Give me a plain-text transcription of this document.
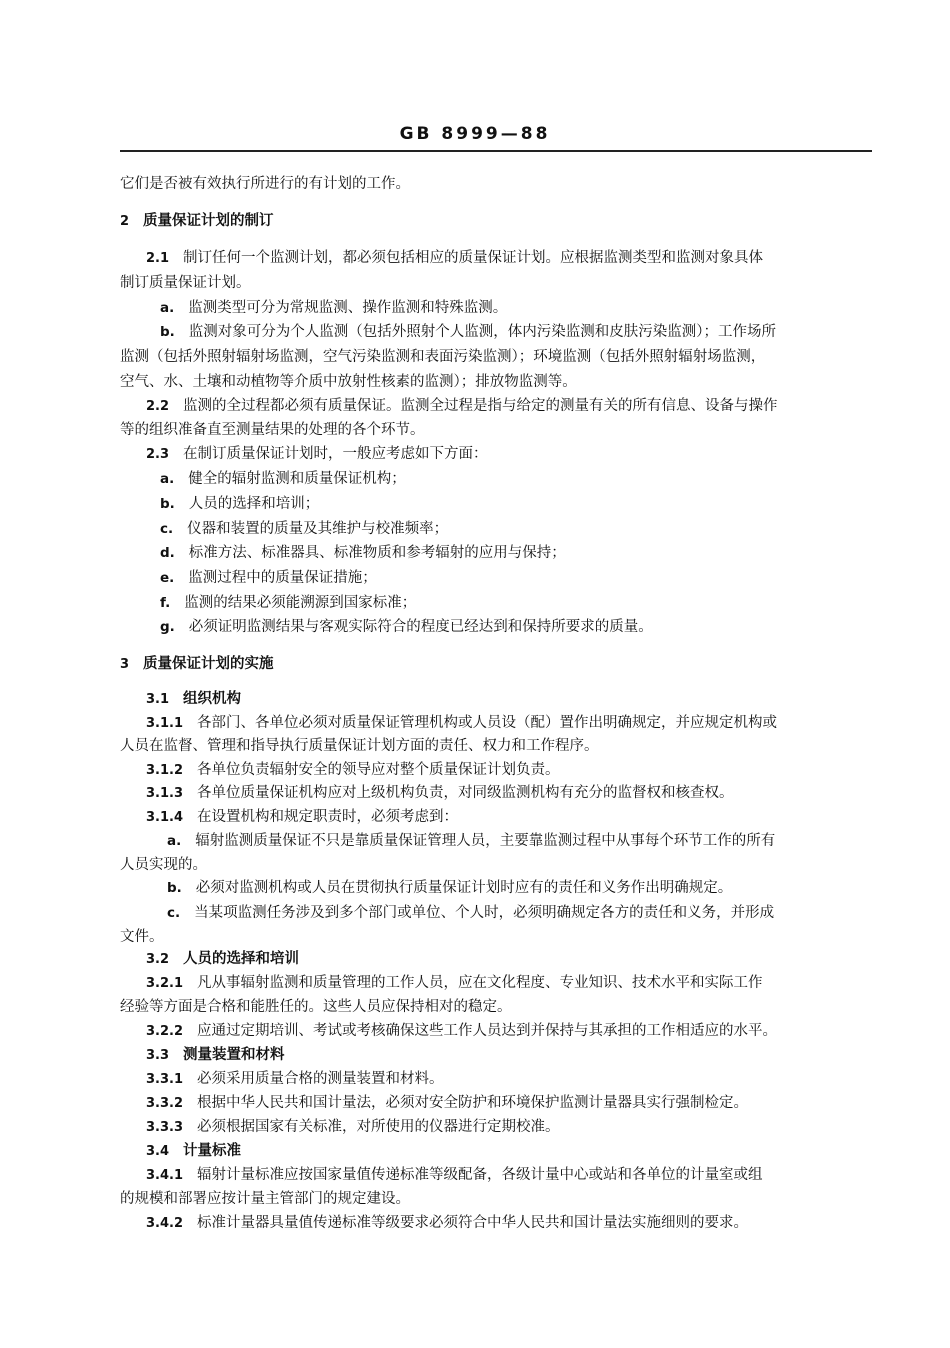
GB 8999—88
它们是否被有效执行所进行的有计划的工作。
2 质量保证计划的制订
2.1 制订任何一个监测计划，都必须包括相应的质量保证计划。应根据监测类型和监测对象具体
制订质量保证计划。
a. 监测类型可分为常规监测、操作监测和特殊监测。
b. 监测对象可分为个人监测（包括外照射个人监测，体内污染监测和皮肤污染监测）；工作场所
监测（包括外照射辐射场监测，空气污染监测和表面污染监测）；环境监测（包括外照射辐射场监测，
空气、水、土壤和动植物等介质中放射性核素的监测）；排放物监测等。
2.2 监测的全过程都必须有质量保证。监测全过程是指与给定的测量有关的所有信息、设备与操作
等的组织准备直至测量结果的处理的各个环节。
2.3 在制订质量保证计划时，一般应考虑如下方面：
a. 健全的辐射监测和质量保证机构；
b. 人员的选择和培训；
c. 仪器和装置的质量及其维护与校准频率；
d. 标准方法、标准器具、标准物质和参考辐射的应用与保持；
e. 监测过程中的质量保证措施；
f. 监测的结果必须能溯源到国家标准；
g. 必须证明监测结果与客观实际符合的程度已经达到和保持所要求的质量。
3 质量保证计划的实施
3.1 组织机构
3.1.1 各部门、各单位必须对质量保证管理机构或人员设（配）置作出明确规定，并应规定机构或
人员在监督、管理和指导执行质量保证计划方面的责任、权力和工作程序。
3.1.2 各单位负责辐射安全的领导应对整个质量保证计划负责。
3.1.3 各单位质量保证机构应对上级机构负责，对同级监测机构有充分的监督权和核查权。
3.1.4 在设置机构和规定职责时，必须考虑到：
a. 辐射监测质量保证不只是靠质量保证管理人员，主要靠监测过程中从事每个环节工作的所有
人员实现的。
b. 必须对监测机构或人员在贯彻执行质量保证计划时应有的责任和义务作出明确规定。
c. 当某项监测任务涉及到多个部门或单位、个人时，必须明确规定各方的责任和义务，并形成
文件。
3.2 人员的选择和培训
3.2.1 凡从事辐射监测和质量管理的工作人员，应在文化程度、专业知识、技术水平和实际工作
经验等方面是合格和能胜任的。这些人员应保持相对的稳定。
3.2.2 应通过定期培训、考试或考核确保这些工作人员达到并保持与其承担的工作相适应的水平。
3.3 测量装置和材料
3.3.1 必须采用质量合格的测量装置和材料。
3.3.2 根据中华人民共和国计量法，必须对安全防护和环境保护监测计量器具实行强制检定。
3.3.3 必须根据国家有关标准，对所使用的仪器进行定期校准。
3.4 计量标准
3.4.1 辐射计量标准应按国家量值传递标准等级配备，各级计量中心或站和各单位的计量室或组
的规模和部署应按计量主管部门的规定建设。
3.4.2 标准计量器具量值传递标准等级要求必须符合中华人民共和国计量法实施细则的要求。
